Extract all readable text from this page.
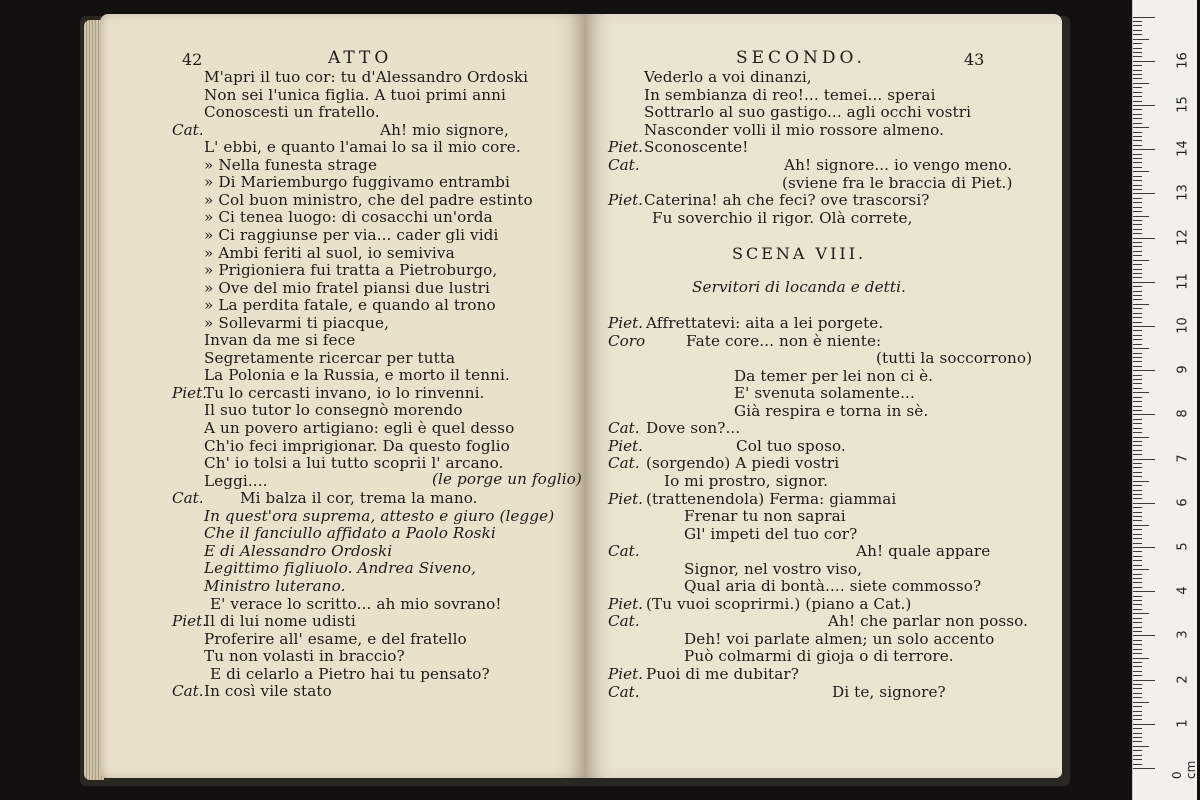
42	ATTO
M'apri il tuo cor: tu d'Alessandro Ordoski
Non sei l'unica figlia. A tuoi primi anni
Conoscesti un fratello.
Cat.	Ah! mio signore,
L' ebbi, e quanto l'amai lo sa il mio core.
» Nella funesta strage
» Di Mariemburgo fuggivamo entrambi
» Col buon ministro, che del padre estinto
» Ci tenea luogo: di cosacchi un'orda
» Ci raggiunse per via... cader gli vidi
» Ambi feriti al suol, io semiviva
» Prigioniera fui tratta a Pietroburgo,
» Ove del mio fratel piansi due lustri
» La perdita fatale, e quando al trono
» Sollevarmi ti piacque,
Invan da me si fece
Segretamente ricercar per tutta
La Polonia e la Russia, e morto il tenni.
Piet.
Tu lo cercasti invano, io lo rinvenni.
Il suo tutor lo consegnò morendo
A un povero artigiano: egli è quel desso
Ch'io feci imprigionar. Da questo foglio
Ch' io tolsi a lui tutto scoprii l' arcano.
Leggi....
Cat. Mi balza il cor, trema la mano.
In quest'ora suprema, attesto e giuro (legge)
Che il fanciullo affidato a Paolo Roski
E di Alessandro Ordoski
Legittimo figliuolo. Andrea Siveno,
Ministro luterano.
E' verace lo scritto... ah mio sovrano!
Piet.
Il di lui nome udisti
Proferire all' esame, e del fratello
Tu non volasti in braccio?
E di celarlo a Pietro hai tu pensato?
Cat. In così vile stato
(le porge un foglio)
SECONDO.	43
Vederlo a voi dinanzi,
In sembianza di reo!... temei... sperai
Sottrarlo al suo gastigo... agli occhi vostri
Nasconder volli il mio rossore almeno.
Piet. Sconoscente!
Cat.	Ah! signore... io vengo meno.
(sviene fra le braccia di Piet.)
Piet. Caterina! ah che feci? ove trascorsi?
Fu soverchio il rigor. Olà correte,
SCENA VIII.
Servitori di locanda e detti.
Piet. Affrettatevi: aita a lei porgete.
Coro	Fate core... non è niente:
(tutti la soccorrono)
Da temer per lei non ci è.
E' svenuta solamente...
Già respira e torna in sè.
Cat. Dove son?...
Piet.	Col tuo sposo.
Cat. (sorgendo) A piedi vostri
Io mi prostro, signor.
Piet. (trattenendola) Ferma: giammai
Frenar tu non saprai
Gl' impeti del tuo cor?
Cat.	Ah! quale appare
Signor, nel vostro viso,
Qual aria di bontà.... siete commosso?
Piet. (Tu vuoi scoprirmi.) (piano a Cat.)
Cat.	Ah! che parlar non posso.
Deh! voi parlate almen; un solo accento
Può colmarmi di gioja o di terrore.
Piet. Puoi di me dubitar?
Cat.	Di te, signore?
1
2
3
4
5
6
7
8
9
10
11
12
13
14
15
16
0 cm
